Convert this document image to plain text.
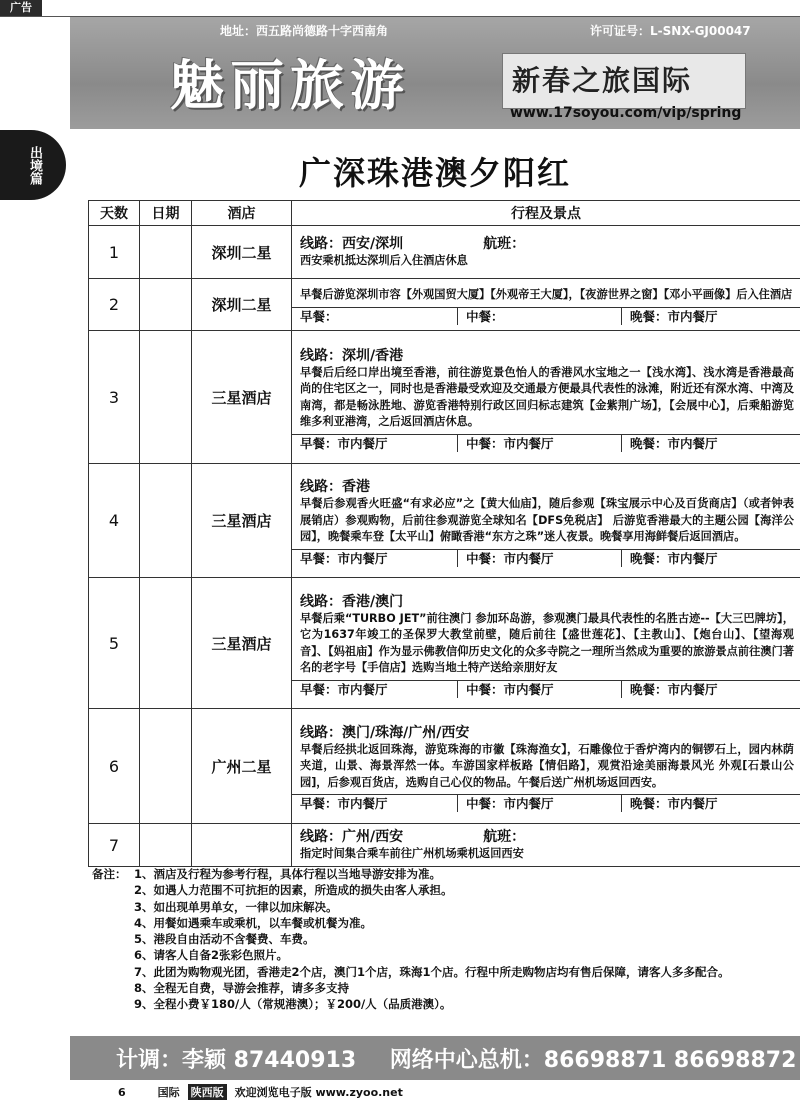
广告
地址：西五路尚德路十字西南角	许可证号：L-SNX-GJ00047
魅丽旅游	新春之旅国际
www.17soyou.com/vip/spring
出境篇	广深珠港澳夕阳红
天数	日期	酒店	行程及景点
1		深圳二星	线路：西安/深圳 航班：
西安乘机抵达深圳后入住酒店休息

2		深圳二星	早餐后游览深圳市容【外观国贸大厦】【外观帝王大厦】，【夜游世界之窗】【邓小平画像】后入住酒店
早餐： 中餐： 晚餐：市内餐厅

3		三星酒店	线路：深圳/香港
早餐后后经口岸出境至香港，前往游览景色怡人的香港风水宝地之一【浅水湾】、浅水湾是香港最高尚的住宅区之一，同时也是香港最受欢迎及交通最方便最具代表性的泳滩，附近还有深水湾、中湾及南湾，都是畅泳胜地、游览香港特别行政区回归标志建筑【金紫荆广场】，【会展中心】，后乘船游览维多利亚港湾，之后返回酒店休息。
早餐：市内餐厅 中餐：市内餐厅 晚餐：市内餐厅

4		三星酒店	线路：香港
早餐后参观香火旺盛“有求必应”之【黄大仙庙】，随后参观【珠宝展示中心及百货商店】（或者钟表展销店）参观购物，后前往参观游览全球知名【DFS免税店】 后游览香港最大的主题公园【海洋公园】，晚餐乘车登【太平山】俯瞰香港“东方之珠”迷人夜景。晚餐享用海鲜餐后返回酒店。
早餐：市内餐厅 中餐：市内餐厅 晚餐：市内餐厅

5		三星酒店	线路：香港/澳门
早餐后乘“TURBO JET”前往澳门 参加环岛游，参观澳门最具代表性的名胜古迹--【大三巴牌坊】，它为1637年竣工的圣保罗大教堂前壁，随后前往【盛世莲花】、【主教山】、【炮台山】、【望海观音】、【妈祖庙】作为显示佛教信仰历史文化的众多寺院之一理所当然成为重要的旅游景点前往澳门著名的老字号【手信店】选购当地土特产送给亲朋好友
早餐：市内餐厅 中餐：市内餐厅 晚餐：市内餐厅

6		广州二星	线路：澳门/珠海/广州/西安
早餐后经拱北返回珠海，游览珠海的市徽【珠海渔女】，石雕像位于香炉湾内的铜锣石上，园内林荫夹道，山景、海景浑然一体。车游国家样板路【情侣路】，观赏沿途美丽海景风光 外观[石景山公园]，后参观百货店，选购自己心仪的物品。午餐后送广州机场返回西安。
早餐：市内餐厅 中餐：市内餐厅 晚餐：市内餐厅

7			线路：广州/西安 航班：
指定时间集合乘车前往广州机场乘机返回西安
备注： 1、酒店及行程为参考行程，具体行程以当地导游安排为准。
2、如遇人力范围不可抗拒的因素，所造成的损失由客人承担。
3、如出现单男单女，一律以加床解决。
4、用餐如遇乘车或乘机，以车餐或机餐为准。
5、港段自由活动不含餐费、车费。
6、请客人自备2张彩色照片。
7、此团为购物观光团，香港走2个店，澳门1个店，珠海1个店。行程中所走购物店均有售后保障，请客人多多配合。
8、全程无自费，导游会推荐，请多多支持
9、全程小费￥180/人（常规港澳）；￥200/人（品质港澳）。
计调：李颖 87440913 网络中心总机：86698871 86698872
6	国际 陕西版 欢迎浏览电子版 www.zyoo.net
